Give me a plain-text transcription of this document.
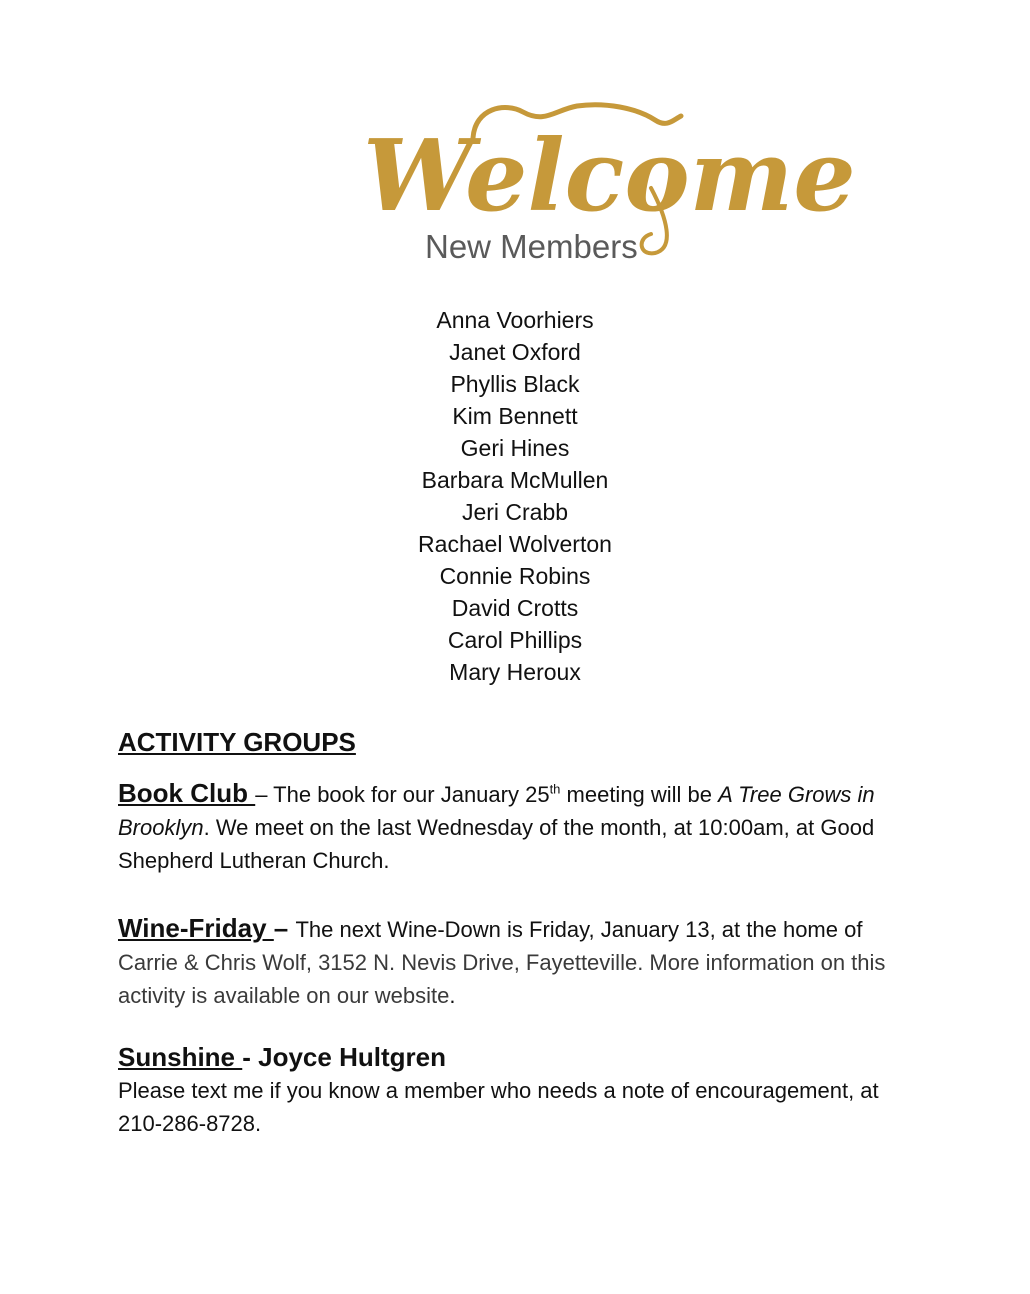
Welcome
New Members
Anna Voorhiers
Janet Oxford
Phyllis Black
Kim Bennett
Geri Hines
Barbara McMullen
Jeri Crabb
Rachael Wolverton
Connie Robins
David Crotts
Carol Phillips
Mary Heroux
ACTIVITY GROUPS

Book Club – The book for our January 25th meeting will be A Tree Grows in Brooklyn. We meet on the last Wednesday of the month, at 10:00am, at Good Shepherd Lutheran Church.

Wine-Friday – The next Wine-Down is Friday, January 13, at the home of Carrie & Chris Wolf, 3152 N. Nevis Drive, Fayetteville. More information on this activity is available on our website.

Sunshine - Joyce Hultgren
Please text me if you know a member who needs a note of encouragement, at 210-286-8728.
